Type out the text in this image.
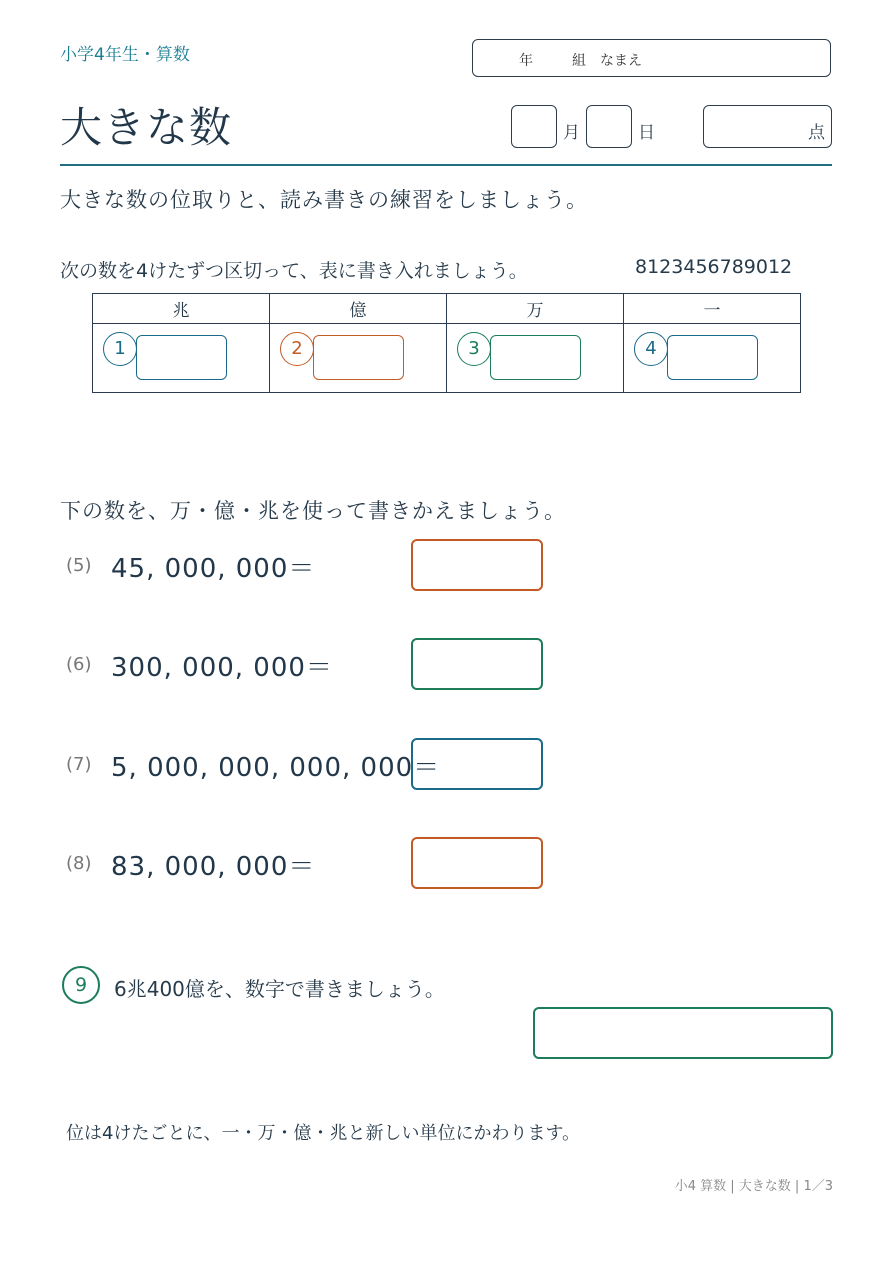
小学4年生・算数	年	組 なまえ
大きな数	月	日	点
大きな数の位取りと、読み書きの練習をしましょう。
次の数を4けたずつ区切って、表に書き入れましょう。	8123456789012
兆	億	万	一

1	2	3	4
下の数を、万・億・兆を使って書きかえましょう。
(5) 45, 000, 000＝
(6) 300, 000, 000＝
(7) 5, 000, 000, 000, 000＝
(8) 83, 000, 000＝
9	6兆400億を、数字で書きましょう。
位は4けたごとに、一・万・億・兆と新しい単位にかわります。
小4 算数 | 大きな数 | 1／3
